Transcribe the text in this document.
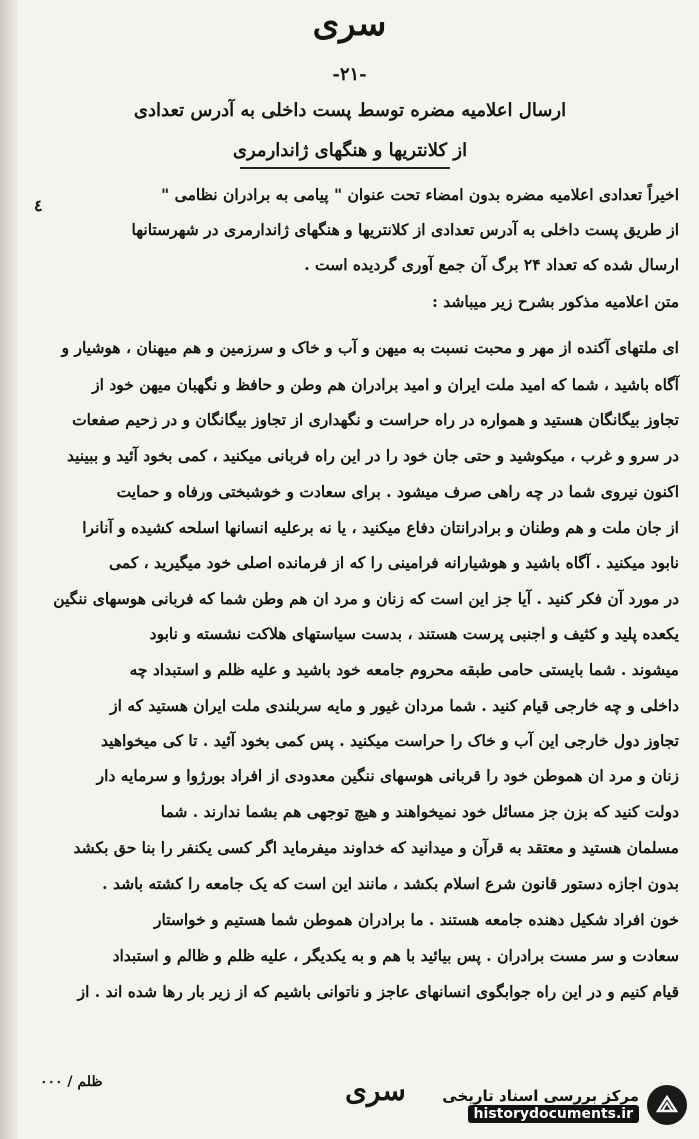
سری
-۲۱-
ارسال اعلامیه مضره توسط پست داخلی به آدرس تعدادی
از کلانتریها و هنگهای ژاندارمری
٤
اخیراً تعدادی اعلامیه مضره بدون امضاء تحت عنوان " پیامی به برادران نظامی "
از طریق پست داخلی به آدرس تعدادی از کلانتریها و هنگهای ژاندارمری در شهرستانها
ارسال شده که تعداد ۲۴ برگ آن جمع آوری گردیده است .
متن اعلامیه مذکور بشرح زیر میباشد :
ای ملتهای آکنده از مهر و محبت نسبت به میهن و آب و خاک و سرزمین و هم میهنان ، هوشیار و
آگاه باشید ، شما که امید ملت ایران و امید برادران هم وطن و حافظ و نگهبان میهن خود از
تجاوز بیگانگان هستید و همواره در راه حراست و نگهداری از تجاوز بیگانگان و در زحیم صفعات
در سرو و غرب ، میکوشید و حتی جان خود را در این راه فربانی میکنید ، کمی بخود آئید و ببینید
اکنون نیروی شما در چه راهی صرف میشود . برای سعادت و خوشبختی ورفاه و حمایت
از جان ملت و هم وطنان و برادرانتان دفاع میکنید ، یا نه برعلیه انسانها اسلحه کشیده و آنانرا
نابود میکنید . آگاه باشید و هوشیارانه فرامینی را که از فرمانده اصلی خود میگیرید ، کمی
در مورد آن فکر کنید . آیا جز این است که زنان و مرد ان هم وطن شما که فربانی هوسهای ننگین
یکعده پلید و کثیف و اجنبی پرست هستند ، بدست سیاستهای هلاکت نشسته و نابود
میشوند . شما بایستی حامی طبقه محروم جامعه خود باشید و علیه ظلم و استبداد چه
داخلی و چه خارجی قیام کنید . شما مردان غیور و مایه سربلندی ملت ایران هستید که از
تجاوز دول خارجی این آب و خاک را حراست میکنید . پس کمی بخود آئید . تا کی میخواهید
زنان و مرد ان هموطن خود را قربانی هوسهای ننگین معدودی از افراد بورژوا و سرمایه دار
دولت کنید که بزن جز مسائل خود نمیخواهند و هیچ توجهی هم بشما ندارند . شما
مسلمان هستید و معتقد به قرآن و میدانید که خداوند میفرماید اگر کسی یکنفر را بنا حق بکشد
بدون اجازه دستور قانون شرع اسلام بکشد ، مانند این است که یک جامعه را کشته باشد .
خون افراد شکیل دهنده جامعه هستند . ما برادران هموطن شما هستیم و خواستار
سعادت و سر مست برادران . پس بیائید با هم و به یکدیگر ، علیه ظلم و ظالم و استبداد
قیام کنیم و در این راه جوابگوی انسانهای عاجز و ناتوانی باشیم که از زیر بار رها شده اند . از
ظلم / ۰۰۰	سری مرکز بررسی اسناد تاریخی
historydocuments.ir
